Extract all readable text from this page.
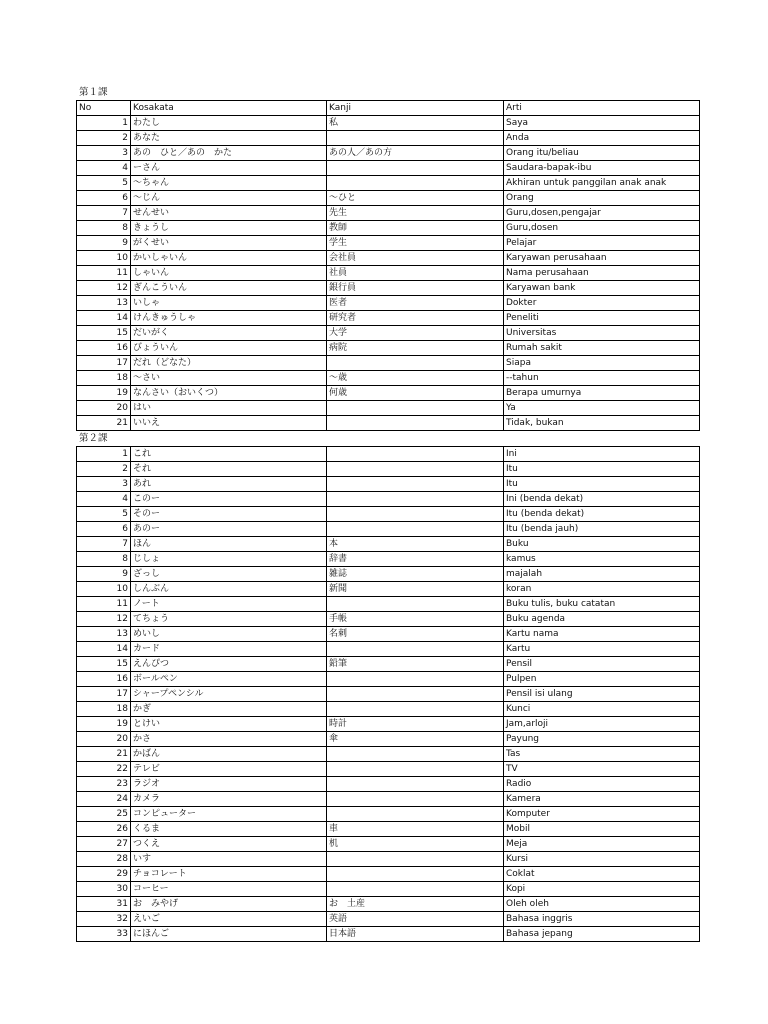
第１課
No	Kosakata	Kanji	Arti
1	わたし	私	Saya
2	あなた		Anda
3	あの　ひと／あの　かた	あの人／あの方	Orang itu/beliau
4	ーさん		Saudara-bapak-ibu
5	～ちゃん		Akhiran untuk panggilan anak anak
6	～じん	～ひと	Orang
7	せんせい	先生	Guru,dosen,pengajar
8	きょうし	教師	Guru,dosen
9	がくせい	学生	Pelajar
10	かいしゃいん	会社員	Karyawan perusahaan
11	しゃいん	社員	Nama perusahaan
12	ぎんこういん	銀行員	Karyawan bank
13	いしゃ	医者	Dokter
14	けんきゅうしゃ	研究者	Peneliti
15	だいがく	大学	Universitas
16	びょういん	病院	Rumah sakit
17	だれ（どなた）		Siapa
18	～さい	～歳	--tahun
19	なんさい（おいくつ）	何歳	Berapa umurnya
20	はい		Ya
21	いいえ		Tidak, bukan
第２課
1	これ		Ini
2	それ		Itu
3	あれ		Itu
4	このー		Ini (benda dekat)
5	そのー		Itu (benda dekat)
6	あのー		Itu (benda jauh)
7	ほん	本	Buku
8	じしょ	辞書	kamus
9	ざっし	雑誌	majalah
10	しんぶん	新聞	koran
11	ノート		Buku tulis, buku catatan
12	てちょう	手帳	Buku agenda
13	めいし	名刺	Kartu nama
14	カード		Kartu
15	えんぴつ	鉛筆	Pensil
16	ボールペン		Pulpen
17	シャープペンシル		Pensil isi ulang
18	かぎ		Kunci
19	とけい	時計	Jam,arloji
20	かさ	傘	Payung
21	かばん		Tas
22	テレビ		TV
23	ラジオ		Radio
24	カメラ		Kamera
25	コンピューター		Komputer
26	くるま	車	Mobil
27	つくえ	机	Meja
28	いす		Kursi
29	チョコレート		Coklat
30	コーヒー		Kopi
31	お　みやげ	お　土産	Oleh oleh
32	えいご	英語	Bahasa inggris
33	にほんご	日本語	Bahasa jepang
